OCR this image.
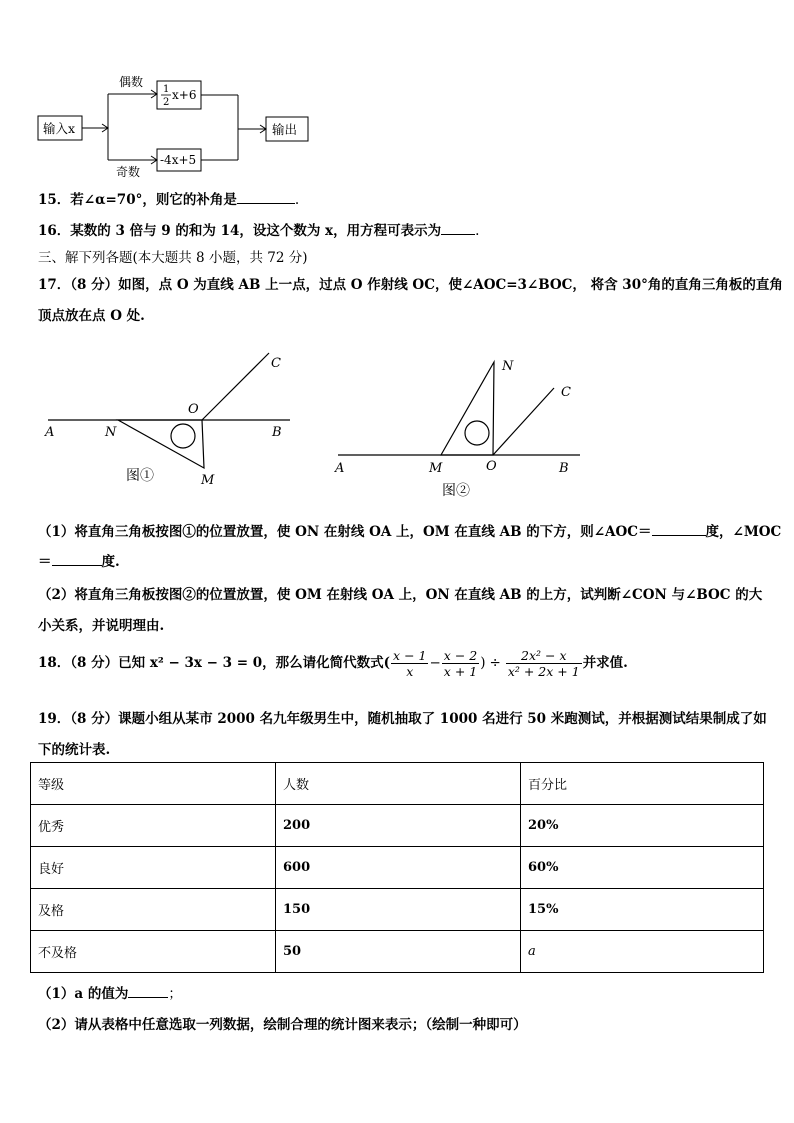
输入x
偶数
奇数
1
2
x+6
-4x+5
输出
15．若∠α=70°，则它的补角是	.
16．某数的 3 倍与 9 的和为 14，设这个数为 x，用方程可表示为	.
三、解下列各题(本大题共 8 小题，共 72 分)
17．（8 分）如图，点 O 为直线 AB 上一点，过点 O 作射线 OC，使∠AOC=3∠BOC， 将含 30°角的直角三角板的直角
顶点放在点 O 处.
A	N
O
B
C
M
图①	A	M	O	B
C
N
图②
（1）将直角三角板按图①的位置放置，使 ON 在射线 OA 上，OM 在直线 AB 的下方，则∠AOC＝	度，∠MOC
＝	度.
（2）将直角三角板按图②的位置放置，使 OM 在射线 OA 上，ON 在直线 AB 的上方，试判断∠CON 与∠BOC 的大
小关系，并说明理由.
18．（8 分）已知 x² − 3x − 3 = 0，那么请化简代数式( $\frac{x - 1}{x} - \frac{x - 2}{x + 1}$ ) ÷ $\frac{\text{2x² − x}}{\text{x² + 2x + 1}}$ 并求值.
19．（8 分）课题小组从某市 2000 名九年级男生中，随机抽取了 1000 名进行 50 米跑测试，并根据测试结果制成了如
下的统计表.
等级	人数	百分比
优秀	200	20%
良好	600	60%
及格	150	15%
不及格	50	a
（1）a 的值为	；
（2）请从表格中任意选取一列数据，绘制合理的统计图来表示；（绘制一种即可）
